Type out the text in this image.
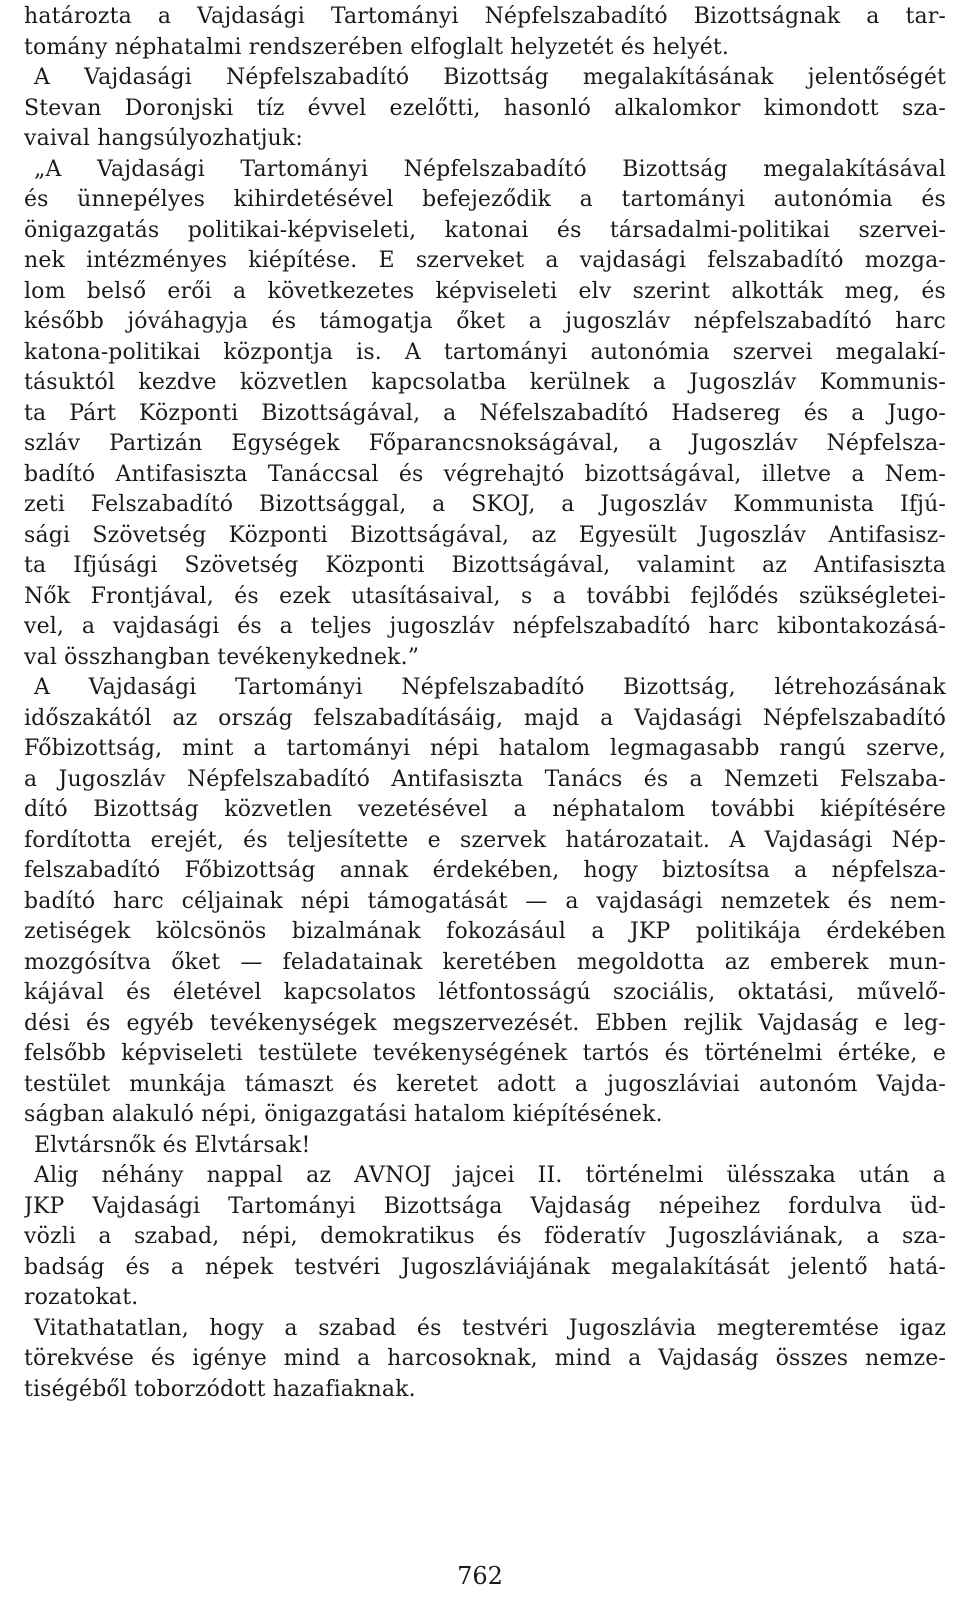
határozta a Vajdasági Tartományi Népfelszabadító Bizottságnak a tar-
tomány néphatalmi rendszerében elfoglalt helyzetét és helyét.
A Vajdasági Népfelszabadító Bizottság megalakításának jelentőségét
Stevan Doronjski tíz évvel ezelőtti, hasonló alkalomkor kimondott sza-
vaival hangsúlyozhatjuk:
„A Vajdasági Tartományi Népfelszabadító Bizottság megalakításával
és ünnepélyes kihirdetésével befejeződik a tartományi autonómia és
önigazgatás politikai-képviseleti, katonai és társadalmi-politikai szervei-
nek intézményes kiépítése. E szerveket a vajdasági felszabadító mozga-
lom belső erői a következetes képviseleti elv szerint alkották meg, és
később jóváhagyja és támogatja őket a jugoszláv népfelszabadító harc
katona-politikai központja is. A tartományi autonómia szervei megalakí-
tásuktól kezdve közvetlen kapcsolatba kerülnek a Jugoszláv Kommunis-
ta Párt Központi Bizottságával, a Néfelszabadító Hadsereg és a Jugo-
szláv Partizán Egységek Főparancsnokságával, a Jugoszláv Népfelsza-
badító Antifasiszta Tanáccsal és végrehajtó bizottságával, illetve a Nem-
zeti Felszabadító Bizottsággal, a SKOJ, a Jugoszláv Kommunista Ifjú-
sági Szövetség Központi Bizottságával, az Egyesült Jugoszláv Antifasisz-
ta Ifjúsági Szövetség Központi Bizottságával, valamint az Antifasiszta
Nők Frontjával, és ezek utasításaival, s a további fejlődés szükségletei-
vel, a vajdasági és a teljes jugoszláv népfelszabadító harc kibontakozásá-
val összhangban tevékenykednek.”
A Vajdasági Tartományi Népfelszabadító Bizottság, létrehozásának
időszakától az ország felszabadításáig, majd a Vajdasági Népfelszabadító
Főbizottság, mint a tartományi népi hatalom legmagasabb rangú szerve,
a Jugoszláv Népfelszabadító Antifasiszta Tanács és a Nemzeti Felszaba-
dító Bizottság közvetlen vezetésével a néphatalom további kiépítésére
fordította erejét, és teljesítette e szervek határozatait. A Vajdasági Nép-
felszabadító Főbizottság annak érdekében, hogy biztosítsa a népfelsza-
badító harc céljainak népi támogatását — a vajdasági nemzetek és nem-
zetiségek kölcsönös bizalmának fokozásául a JKP politikája érdekében
mozgósítva őket — feladatainak keretében megoldotta az emberek mun-
kájával és életével kapcsolatos létfontosságú szociális, oktatási, művelő-
dési és egyéb tevékenységek megszervezését. Ebben rejlik Vajdaság e leg-
felsőbb képviseleti testülete tevékenységének tartós és történelmi értéke, e
testület munkája támaszt és keretet adott a jugoszláviai autonóm Vajda-
ságban alakuló népi, önigazgatási hatalom kiépítésének.
Elvtársnők és Elvtársak!
Alig néhány nappal az AVNOJ jajcei II. történelmi ülésszaka után a
JKP Vajdasági Tartományi Bizottsága Vajdaság népeihez fordulva üd-
vözli a szabad, népi, demokratikus és föderatív Jugoszláviának, a sza-
badság és a népek testvéri Jugoszláviájának megalakítását jelentő hatá-
rozatokat.
Vitathatatlan, hogy a szabad és testvéri Jugoszlávia megteremtése igaz
törekvése és igénye mind a harcosoknak, mind a Vajdaság összes nemze-
tiségéből toborzódott hazafiaknak.
762
